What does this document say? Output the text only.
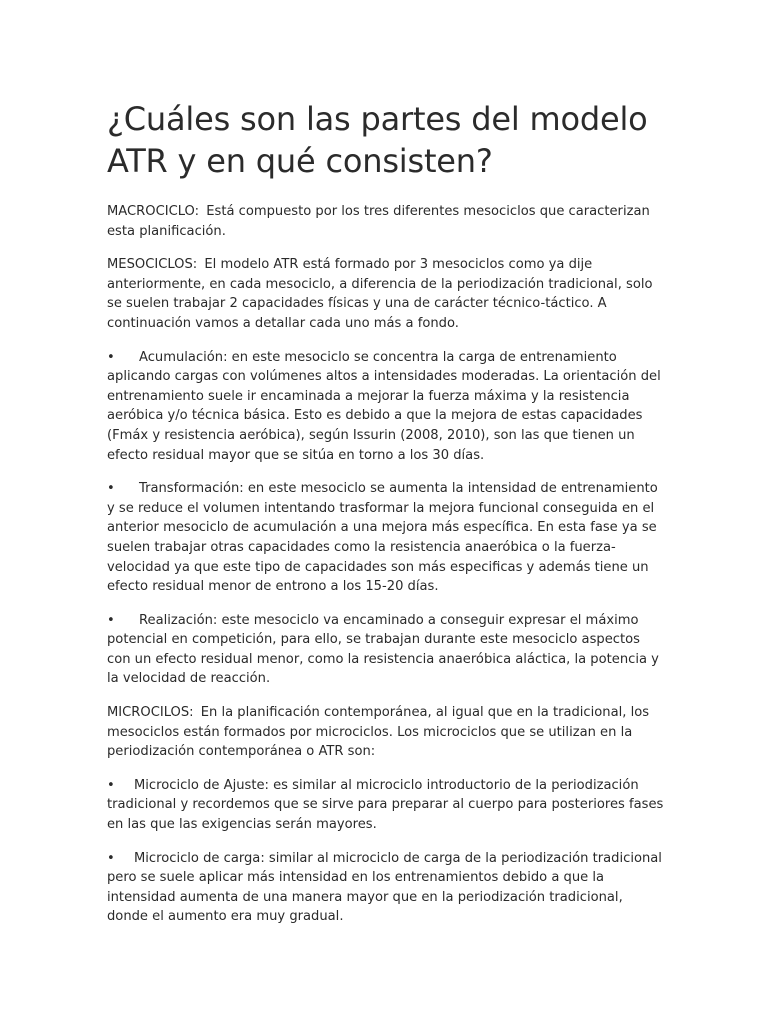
¿Cuáles son las partes del modelo ATR y en qué consisten?

MACROCICLO: Está compuesto por los tres diferentes mesociclos que caracterizan esta planificación.

MESOCICLOS: El modelo ATR está formado por 3 mesociclos como ya dije anteriormente, en cada mesociclo, a diferencia de la periodización tradicional, solo se suelen trabajar 2 capacidades físicas y una de carácter técnico-táctico. A continuación vamos a detallar cada uno más a fondo.

• Acumulación: en este mesociclo se concentra la carga de entrenamiento aplicando cargas con volúmenes altos a intensidades moderadas. La orientación del entrenamiento suele ir encaminada a mejorar la fuerza máxima y la resistencia aeróbica y/o técnica básica. Esto es debido a que la mejora de estas capacidades (Fmáx y resistencia aeróbica), según Issurin (2008, 2010), son las que tienen un efecto residual mayor que se sitúa en torno a los 30 días.

• Transformación: en este mesociclo se aumenta la intensidad de entrenamiento y se reduce el volumen intentando trasformar la mejora funcional conseguida en el anterior mesociclo de acumulación a una mejora más específica. En esta fase ya se suelen trabajar otras capacidades como la resistencia anaeróbica o la fuerza-velocidad ya que este tipo de capacidades son más especificas y además tiene un efecto residual menor de entrono a los 15-20 días.

• Realización: este mesociclo va encaminado a conseguir expresar el máximo potencial en competición, para ello, se trabajan durante este mesociclo aspectos con un efecto residual menor, como la resistencia anaeróbica aláctica, la potencia y la velocidad de reacción.

MICROCILOS: En la planificación contemporánea, al igual que en la tradicional, los mesociclos están formados por microciclos. Los microciclos que se utilizan en la periodización contemporánea o ATR son:

• Microciclo de Ajuste: es similar al microciclo introductorio de la periodización tradicional y recordemos que se sirve para preparar al cuerpo para posteriores fases en las que las exigencias serán mayores.

• Microciclo de carga: similar al microciclo de carga de la periodización tradicional pero se suele aplicar más intensidad en los entrenamientos debido a que la intensidad aumenta de una manera mayor que en la periodización tradicional, donde el aumento era muy gradual.
